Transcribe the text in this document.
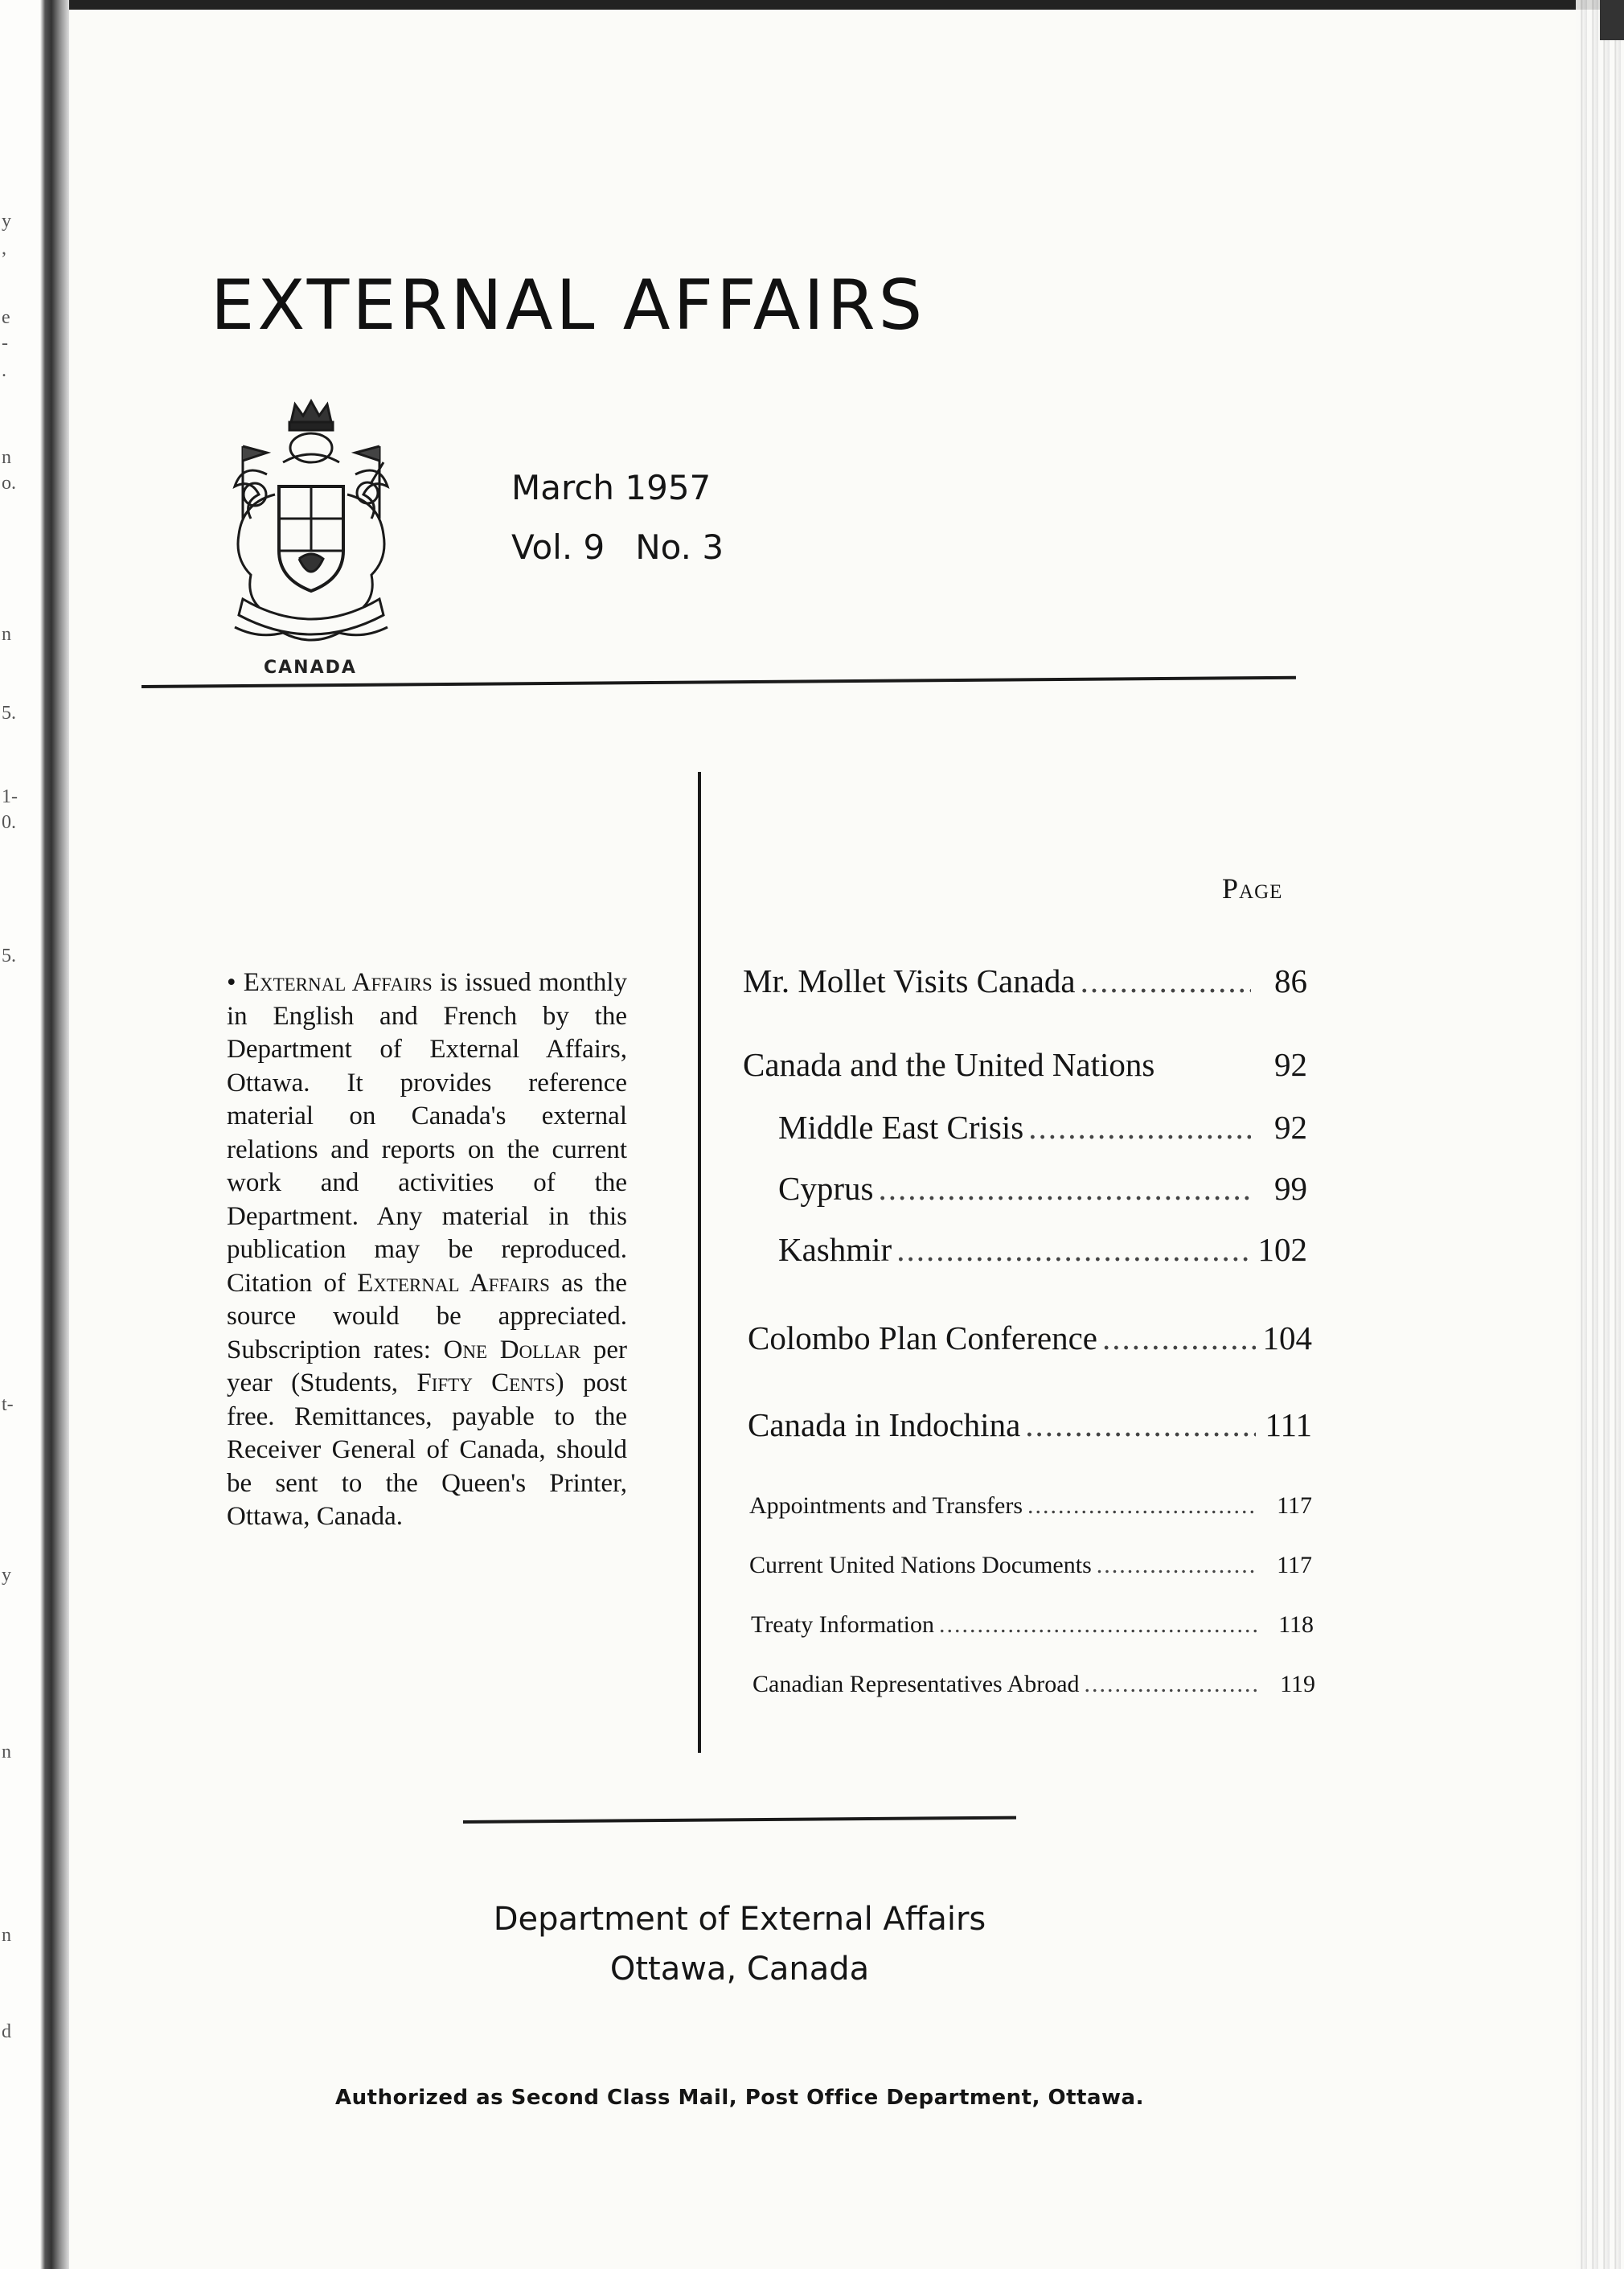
y
,
e
-
.
n
o.
n
5.
1-
0.
5.
t-
y
n
n
d
EXTERNAL AFFAIRS
CANADA
March 1957
Vol. 9 No. 3
• External Affairs is issued monthly in English and French by the Department of External Affairs, Ottawa. It provides reference material on Canada's external relations and reports on the current work and activities of the Department. Any material in this publication may be reproduced. Citation of External Affairs as the source would be appreciated. Subscription rates: One Dollar per year (Students, Fifty Cents) post free. Remittances, payable to the Receiver General of Canada, should be sent to the Queen's Printer, Ottawa, Canada.
Page
Mr. Mollet Visits Canada .....	86
Canada and the United Nations	92
Middle East Crisis .....	92
Cyprus .....	99
Kashmir .....	102
Colombo Plan Conference .....	104
Canada in Indochina .....	111
Appointments and Transfers .....	117
Current United Nations Documents .....	117
Treaty Information .....	118
Canadian Representatives Abroad .....	119
Department of External Affairs
Ottawa, Canada
Authorized as Second Class Mail, Post Office Department, Ottawa.
